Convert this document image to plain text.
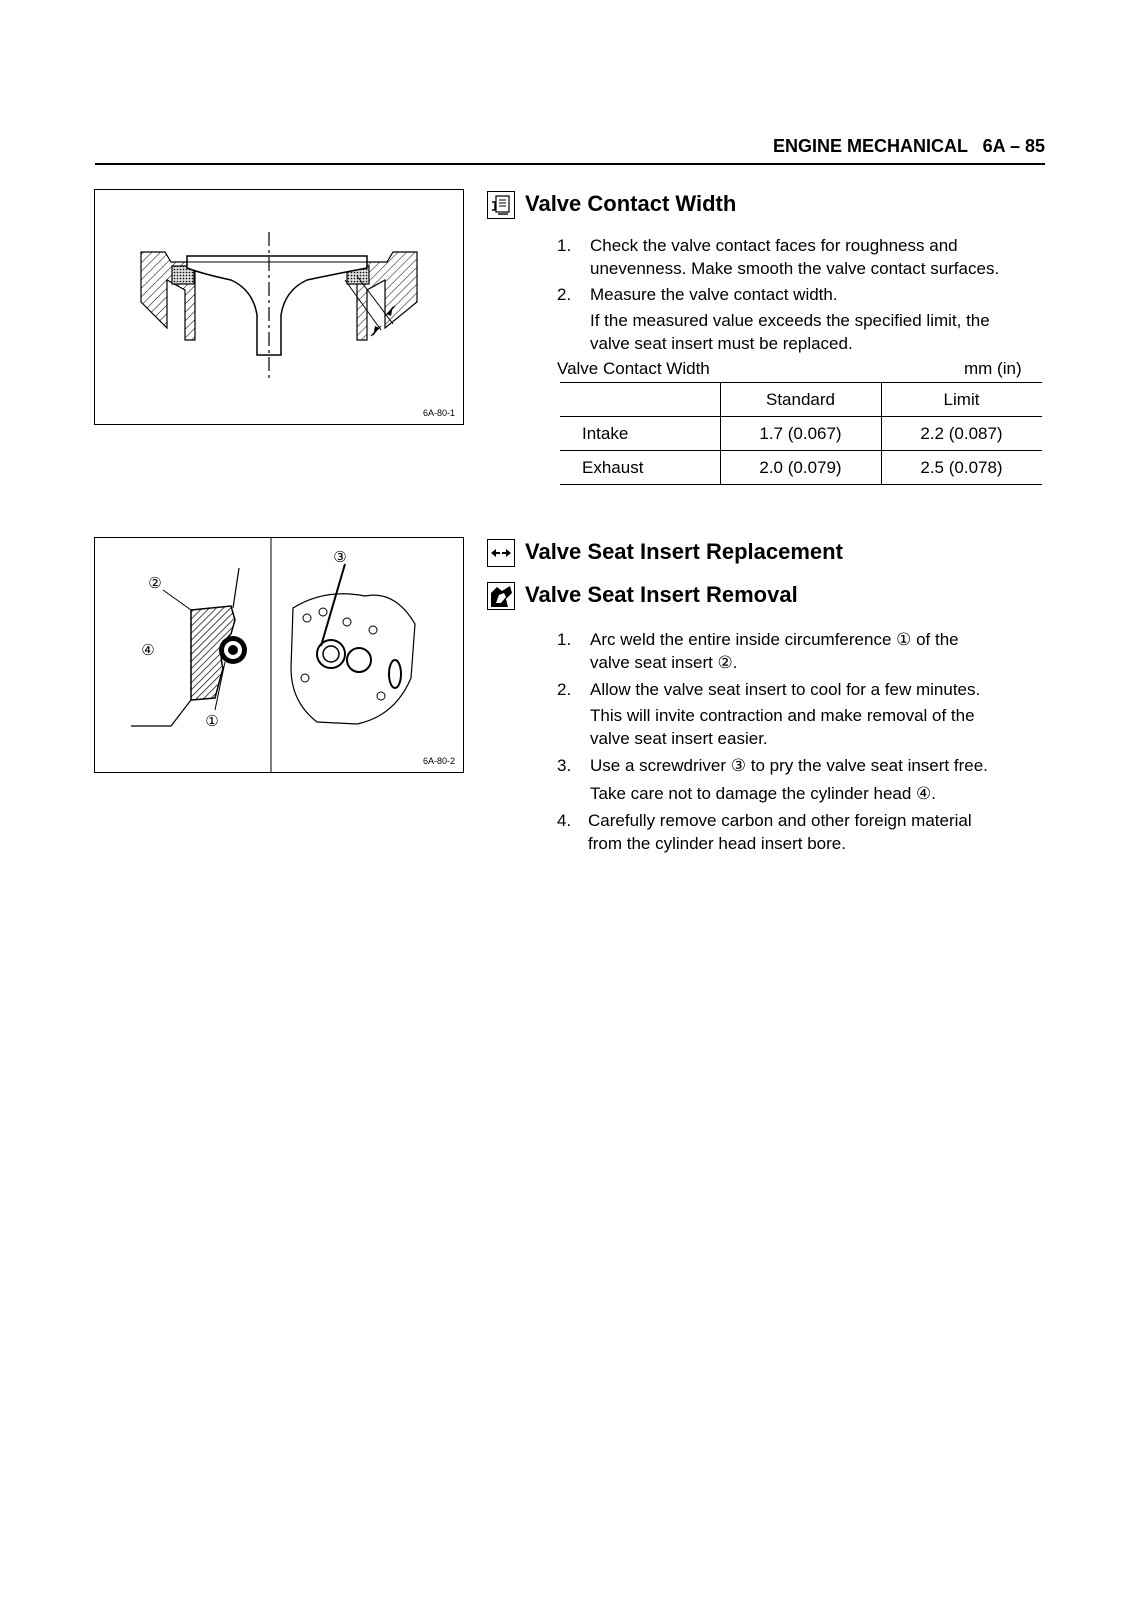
ENGINE MECHANICAL   6A – 85
6A-80-1
②
④
①
③
6A-80-2
Valve Contact Width
1. Check the valve contact faces for roughness and
unevenness. Make smooth the valve contact surfaces.
2. Measure the valve contact width.
If the measured value exceeds the specified limit, the
valve seat insert must be replaced.
Valve Contact Width	mm (in)
	Standard	Limit
Intake	1.7 (0.067)	2.2 (0.087)
Exhaust	2.0 (0.079)	2.5 (0.078)
Valve Seat Insert Replacement
Valve Seat Insert Removal
1. Arc weld the entire inside circumference ① of the
valve seat insert ②.
2. Allow the valve seat insert to cool for a few minutes.
This will invite contraction and make removal of the
valve seat insert easier.
3. Use a screwdriver ③ to pry the valve seat insert free.
Take care not to damage the cylinder head ④.
4. Carefully remove carbon and other foreign material
from the cylinder head insert bore.
